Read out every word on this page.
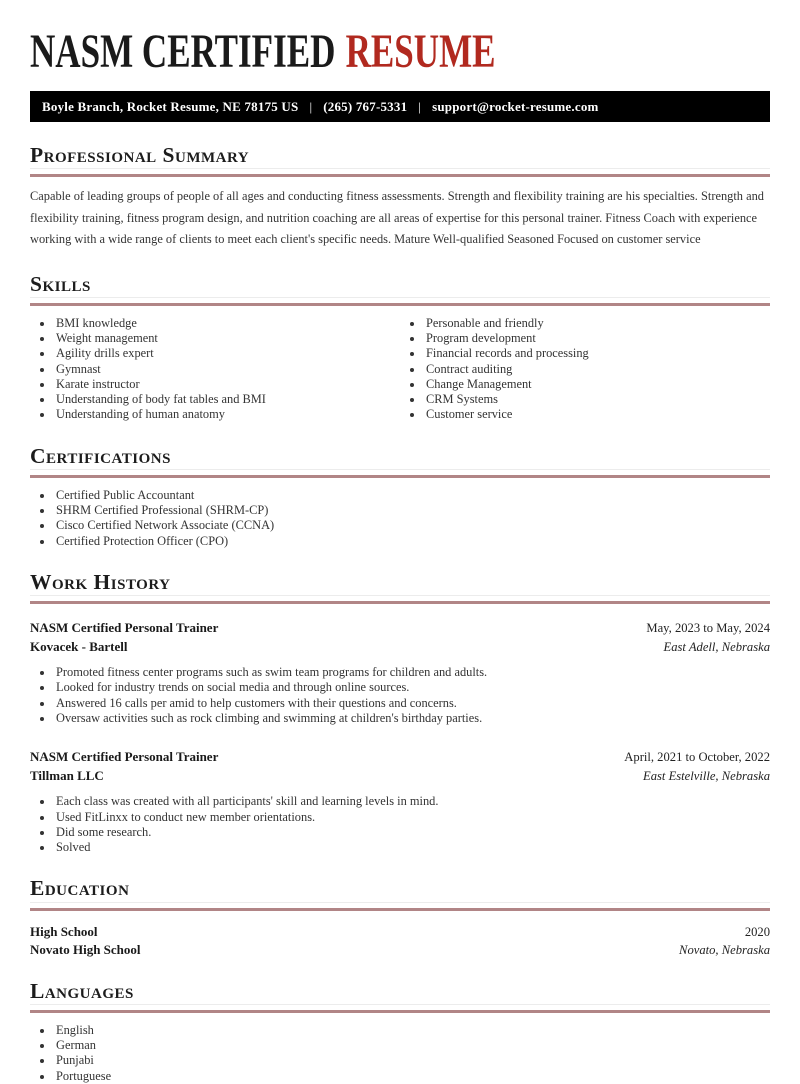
NASM CERTIFIED RESUME
Boyle Branch, Rocket Resume, NE 78175 US | (265) 767-5331 | support@rocket-resume.com
Professional Summary

Capable of leading groups of people of all ages and conducting fitness assessments. Strength and flexibility training are his specialties. Strength and flexibility training, fitness program design, and nutrition coaching are all areas of expertise for this personal trainer. Fitness Coach with experience working with a wide range of clients to meet each client's specific needs. Mature Well-qualified Seasoned Focused on customer service

Skills
• BMI knowledge
• Weight management
• Agility drills expert
• Gymnast
• Karate instructor
• Understanding of body fat tables and BMI
• Understanding of human anatomy
• Personable and friendly
• Program development
• Financial records and processing
• Contract auditing
• Change Management
• CRM Systems
• Customer service
Certifications
• Certified Public Accountant
• SHRM Certified Professional (SHRM-CP)
• Cisco Certified Network Associate (CCNA)
• Certified Protection Officer (CPO)
Work History
NASM Certified Personal Trainer	May, 2023 to May, 2024
Kovacek - Bartell	East Adell, Nebraska
• Promoted fitness center programs such as swim team programs for children and adults.
• Looked for industry trends on social media and through online sources.
• Answered 16 calls per amid to help customers with their questions and concerns.
• Oversaw activities such as rock climbing and swimming at children's birthday parties.
NASM Certified Personal Trainer	April, 2021 to October, 2022
Tillman LLC	East Estelville, Nebraska
• Each class was created with all participants' skill and learning levels in mind.
• Used FitLinxx to conduct new member orientations.
• Did some research.
• Solved
Education
High School	2020
Novato High School	Novato, Nebraska
Languages
• English
• German
• Punjabi
• Portuguese
